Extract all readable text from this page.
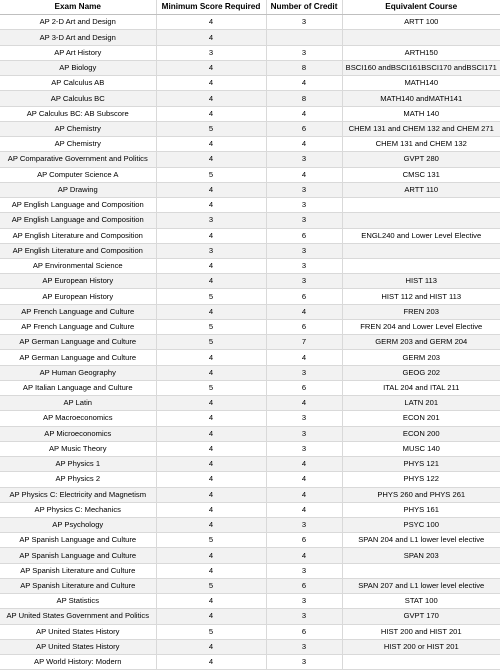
Exam Name	Minimum Score Required	Number of Credit	Equivalent Course
AP 2-D Art and Design	4	3	ARTT 100
AP 3-D Art and Design	4		
AP Art History	3	3	ARTH150
AP Biology	4	8	BSCI160 andBSCI161BSCI170 andBSCI171
AP Calculus AB	4	4	MATH140
AP Calculus BC	4	8	MATH140 andMATH141
AP Calculus BC: AB Subscore	4	4	MATH 140
AP Chemistry	5	6	CHEM 131 and CHEM 132 and CHEM 271
AP Chemistry	4	4	CHEM 131 and CHEM 132
AP Comparative Government and Politics	4	3	GVPT 280
AP Computer Science A	5	4	CMSC 131
AP Drawing	4	3	ARTT 110
AP English Language and Composition	4	3	
AP English Language and Composition	3	3	
AP English Literature and Composition	4	6	ENGL240 and Lower Level Elective
AP English Literature and Composition	3	3	
AP Environmental Science	4	3	
AP European History	4	3	HIST 113
AP European History	5	6	HIST 112 and HIST 113
AP French Language and Culture	4	4	FREN 203
AP French Language and Culture	5	6	FREN 204 and Lower Level Elective
AP German Language and Culture	5	7	GERM 203 and GERM 204
AP German Language and Culture	4	4	GERM 203
AP Human Geography	4	3	GEOG 202
AP Italian Language and Culture	5	6	ITAL 204 and ITAL 211
AP Latin	4	4	LATN 201
AP Macroeconomics	4	3	ECON 201
AP Microeconomics	4	3	ECON 200
AP Music Theory	4	3	MUSC 140
AP Physics 1	4	4	PHYS 121
AP Physics 2	4	4	PHYS 122
AP Physics C: Electricity and Magnetism	4	4	PHYS 260 and PHYS 261
AP Physics C: Mechanics	4	4	PHYS 161
AP Psychology	4	3	PSYC 100
AP Spanish Language and Culture	5	6	SPAN 204 and L1 lower level elective
AP Spanish Language and Culture	4	4	SPAN 203
AP Spanish Literature and Culture	4	3	
AP Spanish Literature and Culture	5	6	SPAN 207 and L1 lower level elective
AP Statistics	4	3	STAT 100
AP United States Government and Politics	4	3	GVPT 170
AP United States History	5	6	HIST 200 and HIST 201
AP United States History	4	3	HIST 200 or HIST 201
AP World History: Modern	4	3	
